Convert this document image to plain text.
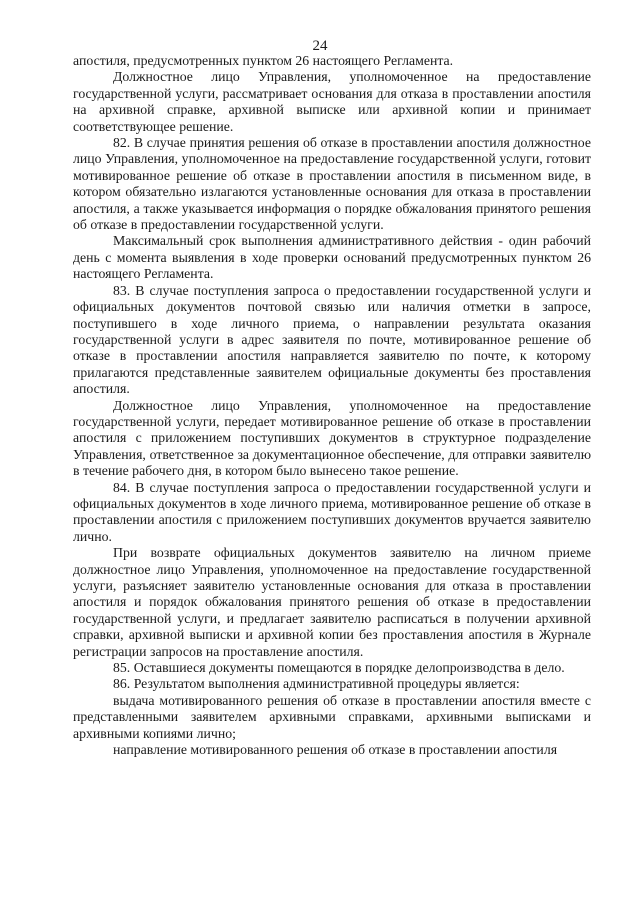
24

апостиля, предусмотренных пунктом 26 настоящего Регламента.

Должностное лицо Управления, уполномоченное на предоставление государственной услуги, рассматривает основания для отказа в проставлении апостиля на архивной справке, архивной выписке или архивной копии и принимает соответствующее решение.

82. В случае принятия решения об отказе в проставлении апостиля должностное лицо Управления, уполномоченное на предоставление государственной услуги, готовит мотивированное решение об отказе в проставлении апостиля в письменном виде, в котором обязательно излагаются установленные основания для отказа в проставлении апостиля, а также указывается информация о порядке обжалования принятого решения об отказе в предоставлении государственной услуги.

Максимальный срок выполнения административного действия - один рабочий день с момента выявления в ходе проверки оснований предусмотренных пунктом 26 настоящего Регламента.

83. В случае поступления запроса о предоставлении государственной услуги и официальных документов почтовой связью или наличия отметки в запросе, поступившего в ходе личного приема, о направлении результата оказания государственной услуги в адрес заявителя по почте, мотивированное решение об отказе в проставлении апостиля направляется заявителю по почте, к которому прилагаются представленные заявителем официальные документы без проставления апостиля.

Должностное лицо Управления, уполномоченное на предоставление государственной услуги, передает мотивированное решение об отказе в проставлении апостиля с приложением поступивших документов в структурное подразделение Управления, ответственное за документационное обеспечение, для отправки заявителю в течение рабочего дня, в котором было вынесено такое решение.

84. В случае поступления запроса о предоставлении государственной услуги и официальных документов в ходе личного приема, мотивированное решение об отказе в проставлении апостиля с приложением поступивших документов вручается заявителю лично.

При возврате официальных документов заявителю на личном приеме должностное лицо Управления, уполномоченное на предоставление государственной услуги, разъясняет заявителю установленные основания для отказа в проставлении апостиля и порядок обжалования принятого решения об отказе в предоставлении государственной услуги, и предлагает заявителю расписаться в получении архивной справки, архивной выписки и архивной копии без проставления апостиля в Журнале регистрации запросов на проставление апостиля.

85. Оставшиеся документы помещаются в порядке делопроизводства в дело.

86. Результатом выполнения административной процедуры является:

выдача мотивированного решения об отказе в проставлении апостиля вместе с представленными заявителем архивными справками, архивными выписками и архивными копиями лично;

направление мотивированного решения об отказе в проставлении апостиля
